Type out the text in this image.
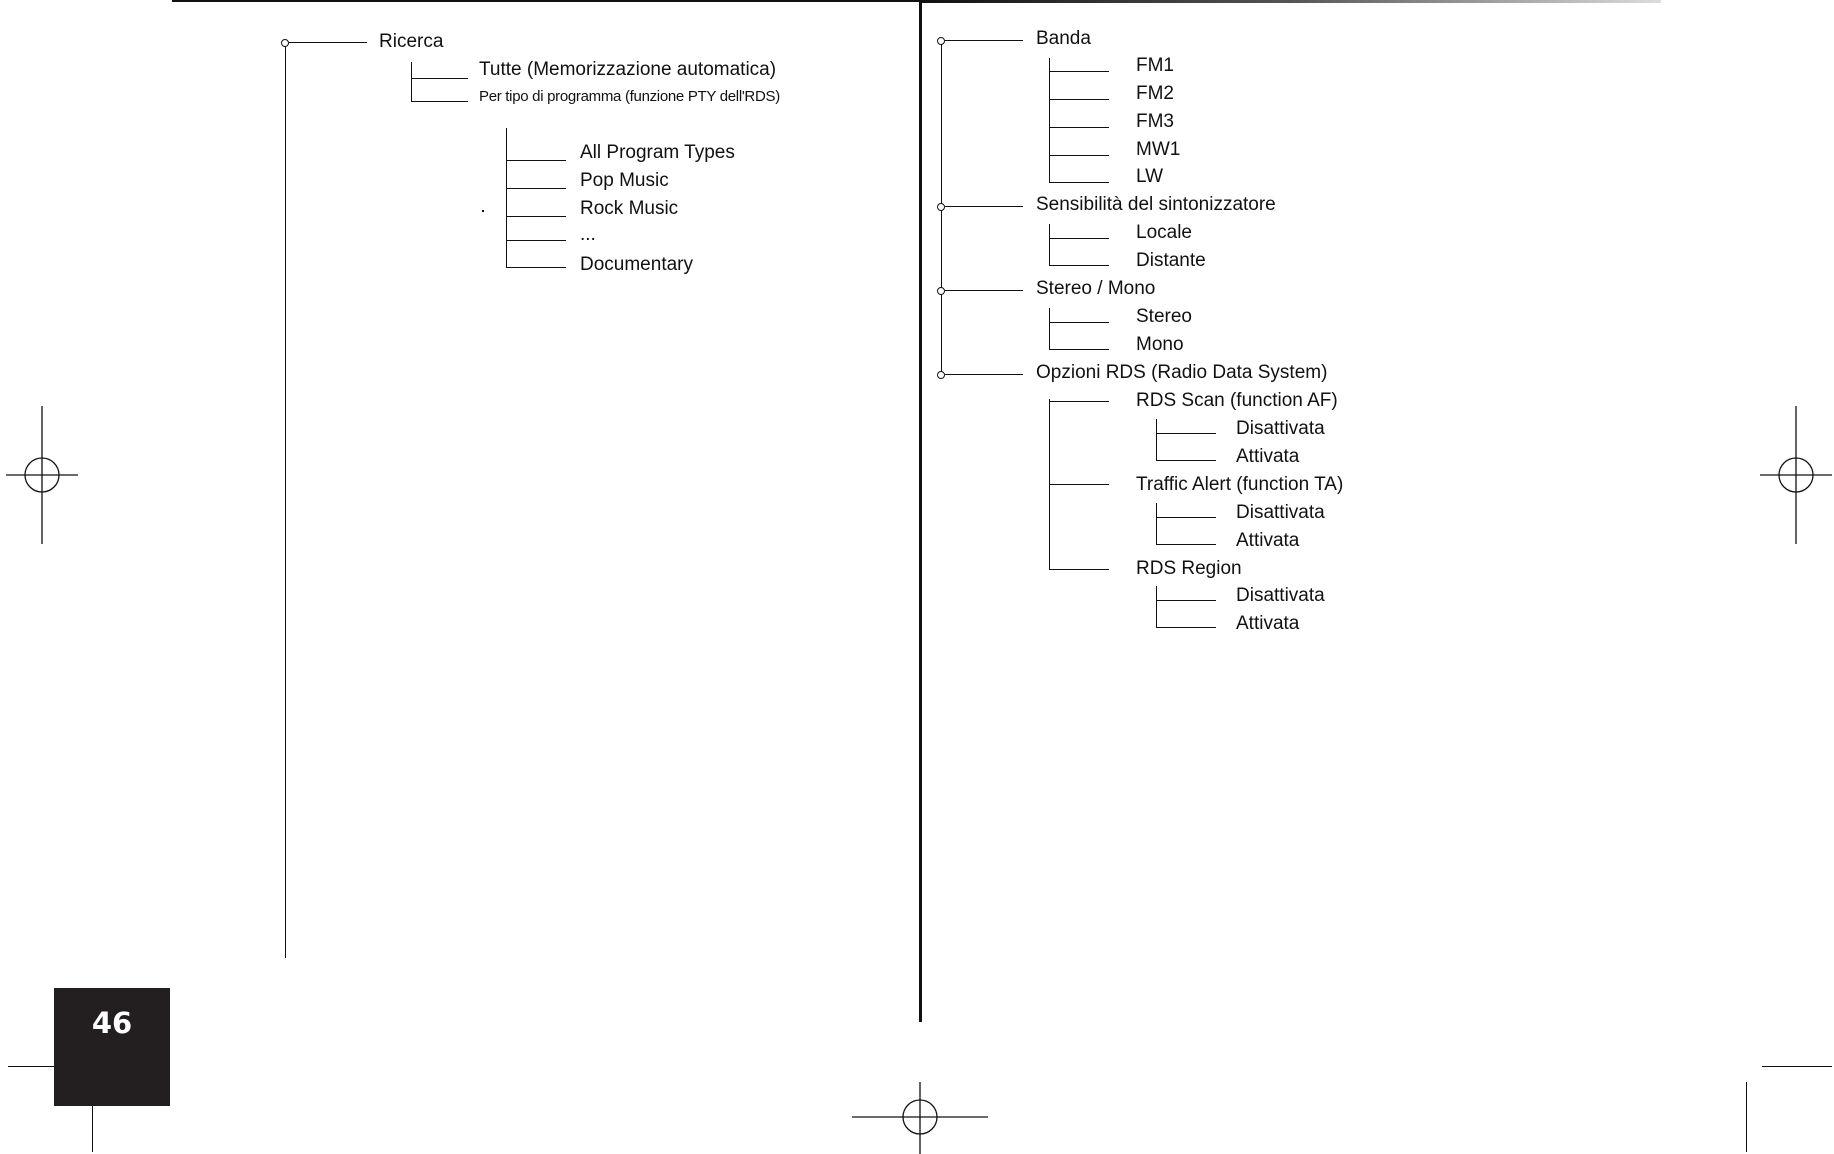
Ricerca
Tutte (Memorizzazione automatica)
Per tipo di programma (funzione PTY dell'RDS)
All Program Types
Pop Music
Rock Music
...
Documentary
Banda
Sensibilità del sintonizzatore
Stereo / Mono
Opzioni RDS (Radio Data System)
FM1
FM2
FM3
MW1
LW
Locale
Distante
Stereo
Mono
RDS Scan (function AF)
Traffic Alert (function TA)
RDS Region
Disattivata
Attivata
Disattivata
Attivata
Disattivata
Attivata
46
